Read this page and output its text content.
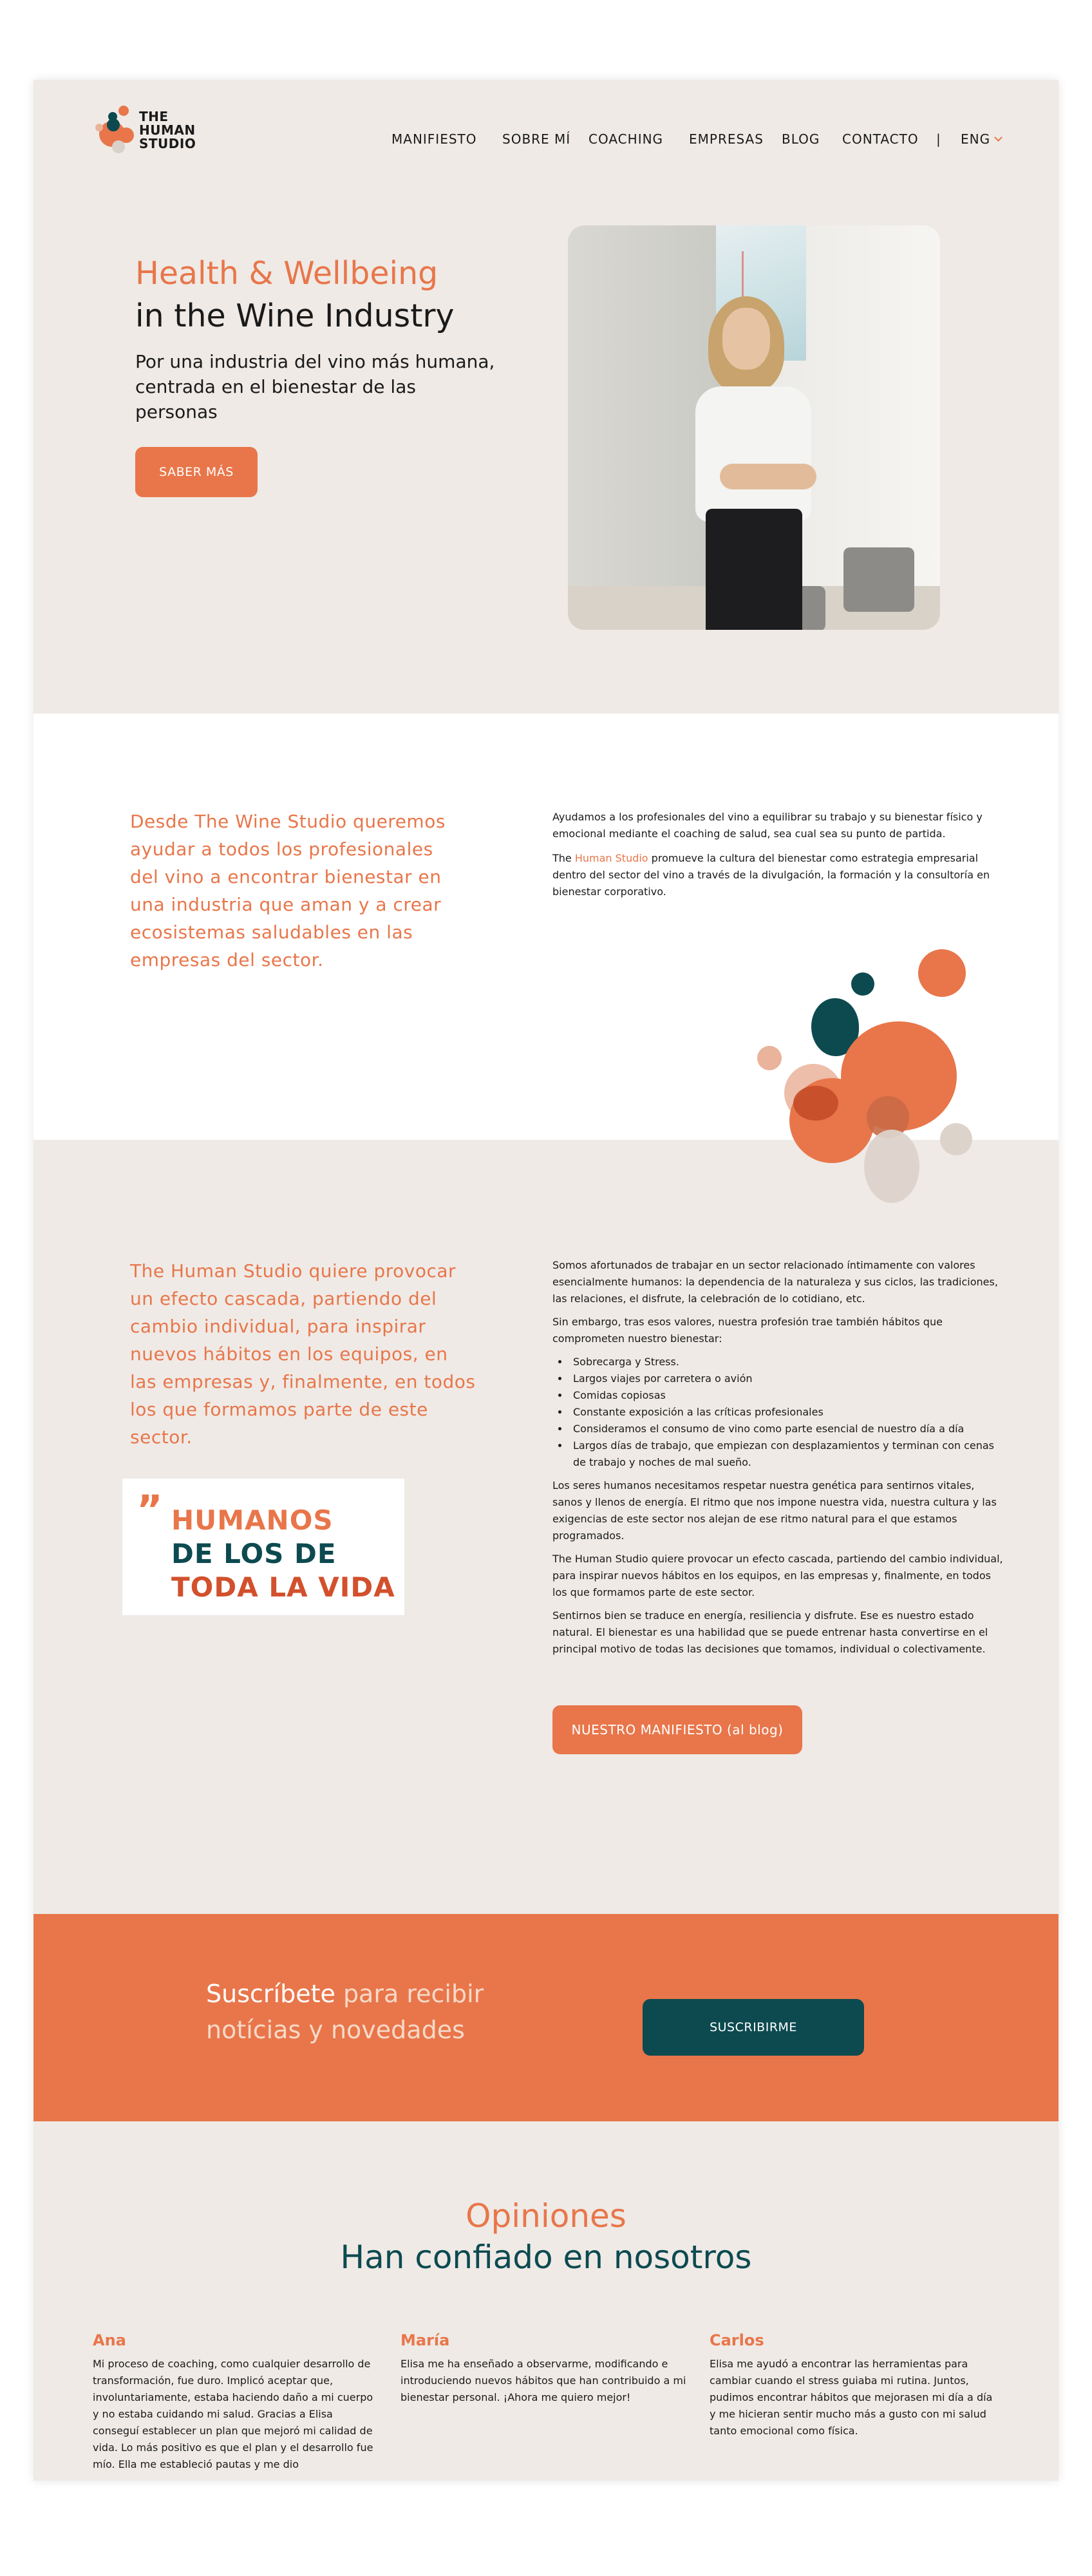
THE
HUMAN
STUDIO	MANIFIESTO SOBRE MÍ COACHING EMPRESAS BLOG CONTACTO | ENG
Health & Wellbeing
in the Wine Industry
Por una industria del vino más humana, centrada en el bienestar de las personas
SABER MÁS
Desde The Wine Studio queremos ayudar a todos los profesionales del vino a encontrar bienestar en una industria que aman y a crear ecosistemas saludables en las empresas del sector.

Ayudamos a los profesionales del vino a equilibrar su trabajo y su bienestar físico y emocional mediante el coaching de salud, sea cual sea su punto de partida.

The Human Studio promueve la cultura del bienestar como estrategia empresarial dentro del sector del vino a través de la divulgación, la formación y la consultoría en bienestar corporativo.

The Human Studio quiere provocar un efecto cascada, partiendo del cambio individual, para inspirar nuevos hábitos en los equipos, en las empresas y, finalmente, en todos los que formamos parte de este sector.
” HUMANOS
DE LOS DE
TODA LA VIDA

Somos afortunados de trabajar en un sector relacionado íntimamente con valores esencialmente humanos: la dependencia de la naturaleza y sus ciclos, las tradiciones, las relaciones, el disfrute, la celebración de lo cotidiano, etc.

Sin embargo, tras esos valores, nuestra profesión trae también hábitos que comprometen nuestro bienestar:

• Sobrecarga y Stress.
• Largos viajes por carretera o avión
• Comidas copiosas
• Constante exposición a las críticas profesionales
• Consideramos el consumo de vino como parte esencial de nuestro día a día
• Largos días de trabajo, que empiezan con desplazamientos y terminan con cenas de trabajo y noches de mal sueño.

Los seres humanos necesitamos respetar nuestra genética para sentirnos vitales, sanos y llenos de energía. El ritmo que nos impone nuestra vida, nuestra cultura y las exigencias de este sector nos alejan de ese ritmo natural para el que estamos programados.

The Human Studio quiere provocar un efecto cascada, partiendo del cambio individual, para inspirar nuevos hábitos en los equipos, en las empresas y, finalmente, en todos los que formamos parte de este sector.

Sentirnos bien se traduce en energía, resiliencia y disfrute. Ese es nuestro estado natural. El bienestar es una habilidad que se puede entrenar hasta convertirse en el principal motivo de todas las decisiones que tomamos, individual o colectivamente.

NUESTRO MANIFIESTO (al blog)
Suscríbete para recibir
notícias y novedades	SUSCRIBIRME
Opiniones
Han confiado en nosotros
Ana
Mi proceso de coaching, como cualquier desarrollo de transformación, fue duro. Implicó aceptar que, involuntariamente, estaba haciendo daño a mi cuerpo y no estaba cuidando mi salud. Gracias a Elisa conseguí establecer un plan que mejoró mi calidad de vida. Lo más positivo es que el plan y el desarrollo fue mío. Ella me estableció pautas y me dio
María
Elisa me ha enseñado a observarme, modificando e introduciendo nuevos hábitos que han contribuido a mi bienestar personal. ¡Ahora me quiero mejor!
Carlos
Elisa me ayudó a encontrar las herramientas para cambiar cuando el stress guiaba mi rutina. Juntos, pudimos encontrar hábitos que mejorasen mi día a día y me hicieran sentir mucho más a gusto con mi salud tanto emocional como física.
